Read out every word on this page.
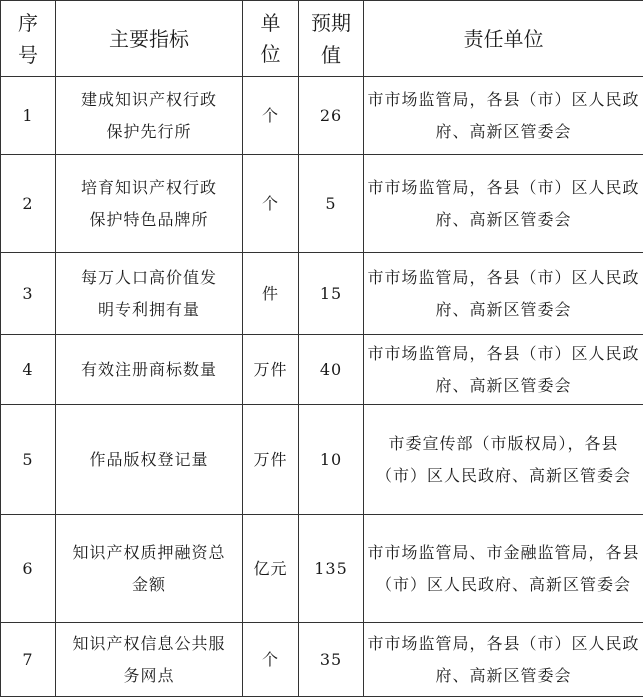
序号	主要指标	单位	预期值	责任单位
1	建成知识产权行政保护先行所	个	26	市市场监管局，各县（市）区人民政府、高新区管委会
2	培育知识产权行政保护特色品牌所	个	5	市市场监管局，各县（市）区人民政府、高新区管委会
3	每万人口高价值发明专利拥有量	件	15	市市场监管局，各县（市）区人民政府、高新区管委会
4	有效注册商标数量	万件	40	市市场监管局，各县（市）区人民政府、高新区管委会
5	作品版权登记量	万件	10	市委宣传部（市版权局），各县（市）区人民政府、高新区管委会
6	知识产权质押融资总金额	亿元	135	市市场监管局、市金融监管局，各县（市）区人民政府、高新区管委会
7	知识产权信息公共服务网点	个	35	市市场监管局，各县（市）区人民政府、高新区管委会
